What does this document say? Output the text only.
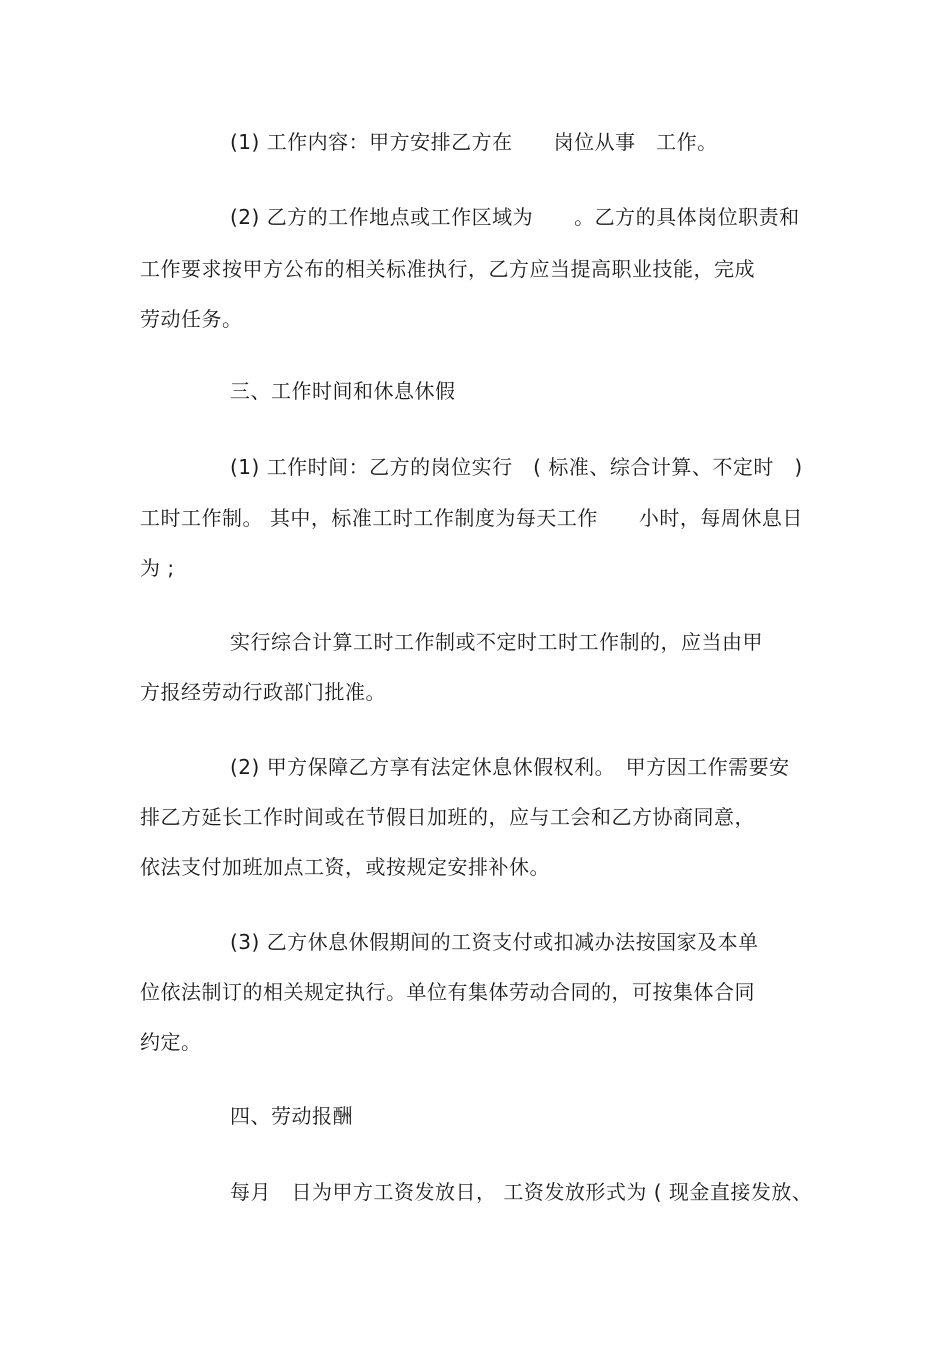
(1) 工作内容：甲方安排乙方在　　岗位从事　工作。
(2) 乙方的工作地点或工作区域为　　。乙方的具体岗位职责和
工作要求按甲方公布的相关标准执行，乙方应当提高职业技能，完成
劳动任务。
三、工作时间和休息休假
(1) 工作时间：乙方的岗位实行　( 标准、综合计算、不定时　)
工时工作制。 其中，标准工时工作制度为每天工作　　小时，每周休息日
为 ;
实行综合计算工时工作制或不定时工时工作制的，应当由甲
方报经劳动行政部门批准。
(2) 甲方保障乙方享有法定休息休假权利。　甲方因工作需要安
排乙方延长工作时间或在节假日加班的，应与工会和乙方协商同意，
依法支付加班加点工资，或按规定安排补休。
(3) 乙方休息休假期间的工资支付或扣减办法按国家及本单
位依法制订的相关规定执行。单位有集体劳动合同的，可按集体合同
约定。
四、劳动报酬
每月　日为甲方工资发放日， 工资发放形式为 ( 现金直接发放、
